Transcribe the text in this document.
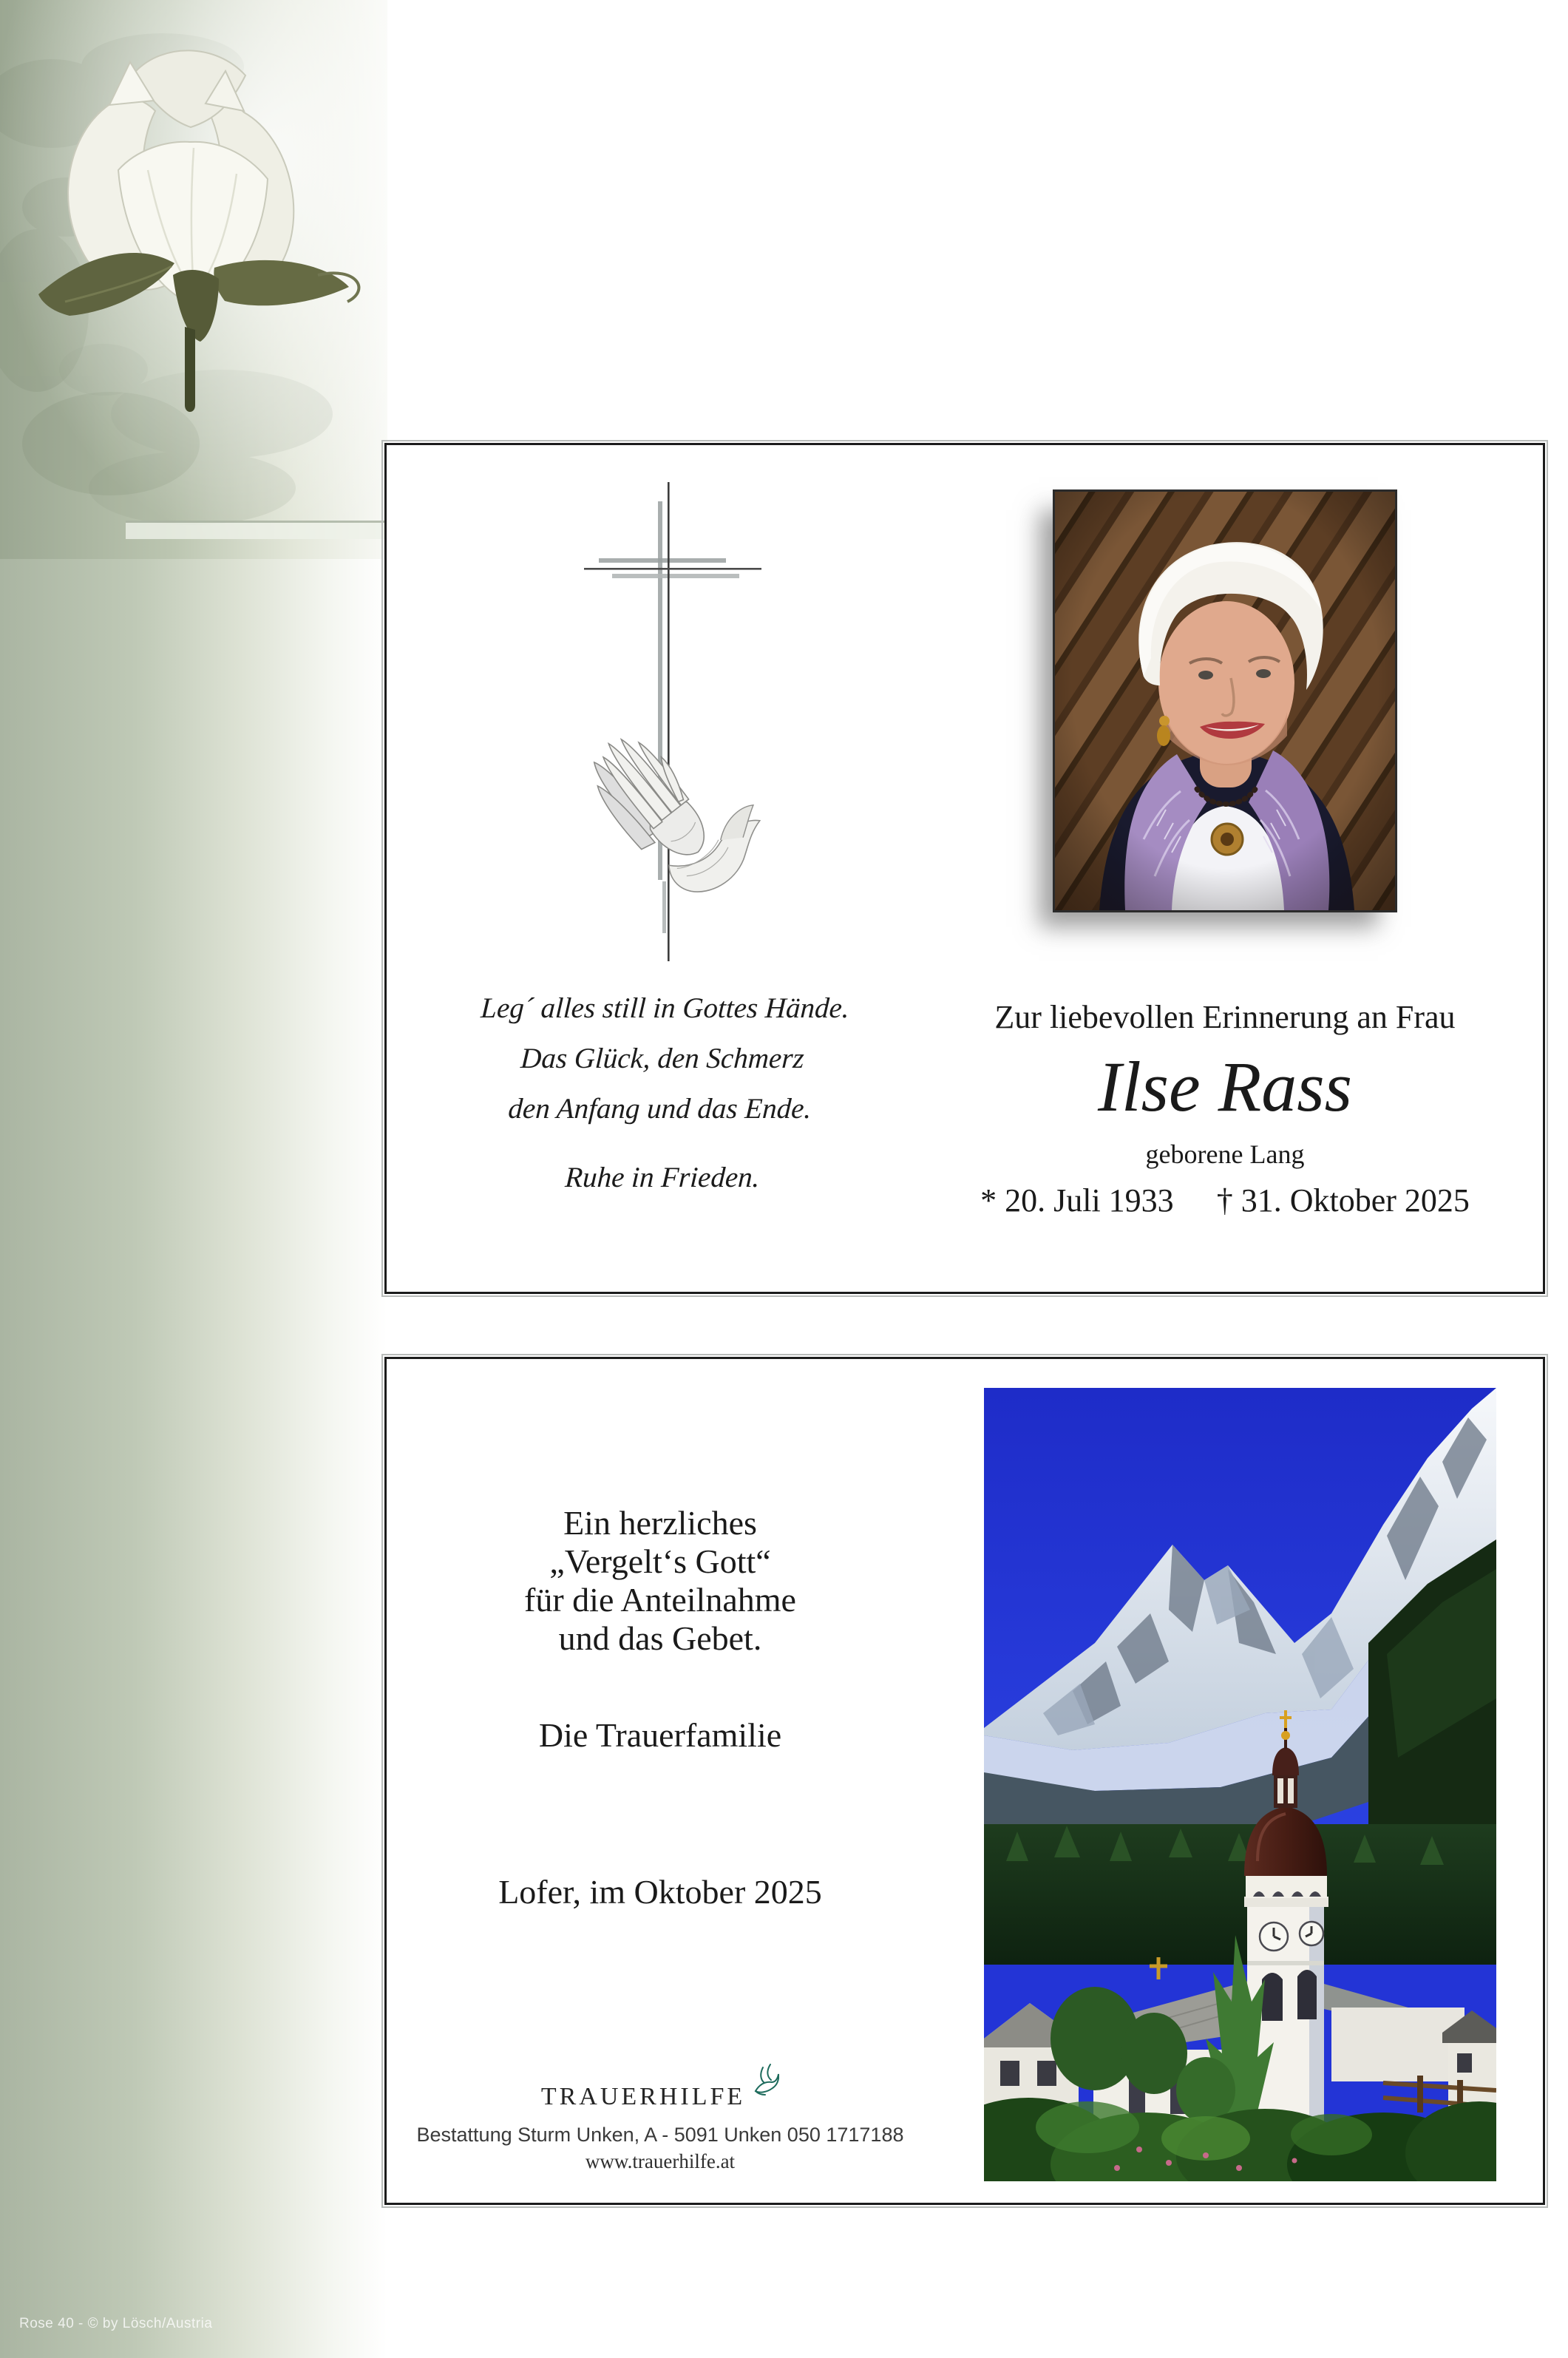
Rose 40 - © by Lösch/Austria
Leg´ alles still in Gottes Hände.
Das Glück, den Schmerz
den Anfang und das Ende.
Ruhe in Frieden.
Zur liebevollen Erinnerung an Frau
Ilse Rass
geborene Lang
* 20. Juli 1933 † 31. Oktober 2025
Ein herzliches
„Vergelt‘s Gott“
für die Anteilnahme
und das Gebet.
Die Trauerfamilie
Lofer, im Oktober 2025
TRAUERHILFE
Bestattung Sturm Unken, A - 5091 Unken 050 1717188
www.trauerhilfe.at
